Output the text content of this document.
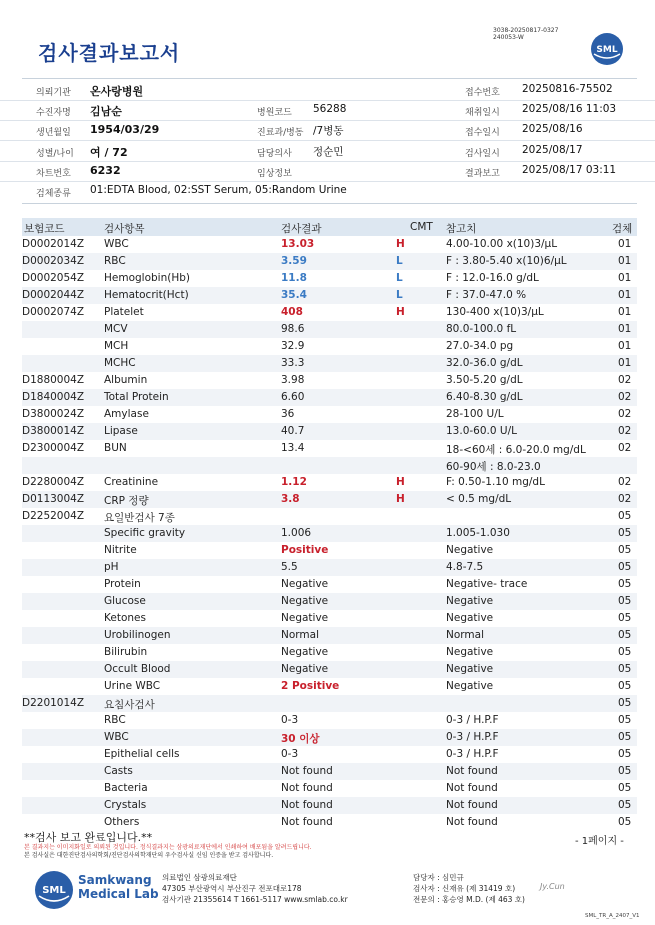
3038-20250817-0327
240053-W
검사결과보고서	SML
의뢰기관 온사랑병원	접수번호 20250816-75502
수진자명 김남순	병원코드 56288	채취일시 2025/08/16 11:03
생년월일 1954/03/29	진료과/병동 /7병동	접수일시 2025/08/16
성별/나이 여 / 72	담당의사 정순민	검사일시 2025/08/17
차트번호 6232	임상정보	결과보고 2025/08/17 03:11
검체종류 01:EDTA Blood, 02:SST Serum, 05:Random Urine
보험코드	검사항목	검사결과	CMT 참고치	검체
D0002014Z WBC	13.03	H	4.00-10.00 x(10)3/μL	01
D0002034Z RBC	3.59	L	F : 3.80-5.40 x(10)6/μL	01
D0002054Z Hemoglobin(Hb)	11.8	L	F : 12.0-16.0 g/dL	01
D0002044Z Hematocrit(Hct)	35.4	L	F : 37.0-47.0 %	01
D0002074Z Platelet	408	H	130-400 x(10)3/μL	01
MCV	98.6	80.0-100.0 fL	01
MCH	32.9	27.0-34.0 pg	01
MCHC	33.3	32.0-36.0 g/dL	01
D1880004Z Albumin	3.98	3.50-5.20 g/dL	02
D1840004Z Total Protein	6.60	6.40-8.30 g/dL	02
D3800024Z Amylase	36	28-100 U/L	02
D3800014Z Lipase	40.7	13.0-60.0 U/L	02
D2300004Z BUN	13.4	18-<60세 : 6.0-20.0 mg/dL	02
60-90세 : 8.0-23.0
D2280004Z Creatinine	1.12	H	F: 0.50-1.10 mg/dL	02
D0113004Z CRP 정량	3.8	H	< 0.5 mg/dL	02
D2252004Z 요일반검사 7종	05
Specific gravity	1.006	1.005-1.030	05
Nitrite	Positive	Negative	05
pH	5.5	4.8-7.5	05
Protein	Negative	Negative- trace	05
Glucose	Negative	Negative	05
Ketones	Negative	Negative	05
Urobilinogen	Normal	Normal	05
Bilirubin	Negative	Negative	05
Occult Blood	Negative	Negative	05
Urine WBC	2 Positive	Negative	05
D2201014Z 요침사검사	05
RBC	0-3	0-3 / H.P.F	05
WBC	30 이상	0-3 / H.P.F	05
Epithelial cells	0-3	0-3 / H.P.F	05
Casts	Not found	Not found	05
Bacteria	Not found	Not found	05
Crystals	Not found	Not found	05
Others	Not found	Not found	05
**검사 보고 완료입니다.**	- 1페이지 -
본 결과지는 이미지화일로 의뢰된 것입니다. 정식결과지는 삼광의료재단에서 인쇄하여 배포됨을 알려드립니다.
본 검사실은 대한진단검사의학회/진단검사의학재단의 우수검사실 신임 인증을 받고 검사합니다.
SML
Samkwang
Medical Lab
의료법인 삼광의료재단
47305 부산광역시 부산진구 전포대로178
검사기관 21355614 T 1661-5117 www.smlab.co.kr
담당자 : 심민규
검사자 : 신재유 (제 31419 호)
전문의 : 홍승영 M.D. (제 463 호)
Jy.Cun
SML_TR_A_2407_V1
